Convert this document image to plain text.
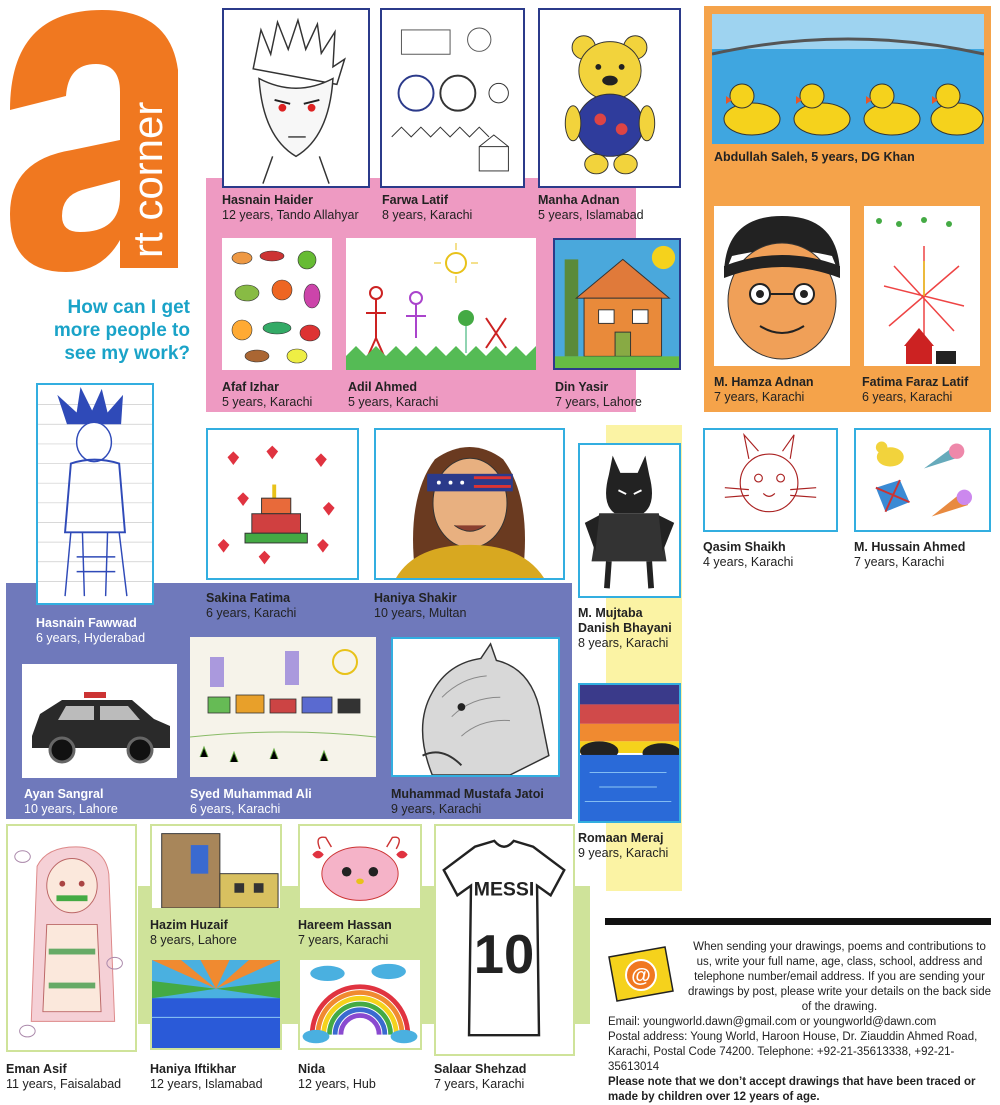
rt corner
How can I get more people to see my work?
Hasnain Haider
12 years, Tando Allahyar
Farwa Latif
8 years, Karachi
Manha Adnan
5 years, Islamabad
Abdullah Saleh, 5 years, DG Khan
Afaf Izhar
5 years, Karachi
Adil Ahmed
5 years, Karachi
Din Yasir
7 years, Lahore
M. Hamza Adnan
7 years, Karachi
Fatima Faraz Latif
6 years, Karachi
Hasnain Fawwad
6 years, Hyderabad
Sakina Fatima
6 years, Karachi
Haniya Shakir
10 years, Multan	M. Mujtaba Danish Bhayani
8 years, Karachi
Qasim Shaikh
4 years, Karachi
M. Hussain Ahmed
7 years, Karachi
Ayan Sangral
10 years, Lahore
Syed Muhammad Ali
6 years, Karachi
Muhammad Mustafa Jatoi
9 years, Karachi
Romaan Meraj
9 years, Karachi
Eman Asif
11 years, Faisalabad
Hazim Huzaif
8 years, Lahore
Hareem Hassan
7 years, Karachi
MESSI
10
Salaar Shehzad
7 years, Karachi
Haniya Iftikhar
12 years, Islamabad
Nida
12 years, Hub
@

When sending your drawings, poems and contributions to us, write your full name, age, class, school, address and telephone number/email address. If you are sending your drawings by post, please write your details on the back side of the drawing.

Email: youngworld.dawn@gmail.com or youngworld@dawn.com

Postal address: Young World, Haroon House, Dr. Ziauddin Ahmed Road, Karachi, Postal Code 74200. Telephone: +92-21-35613338, +92-21-35613014

Please note that we don’t accept drawings that have been traced or made by children over 12 years of age.
